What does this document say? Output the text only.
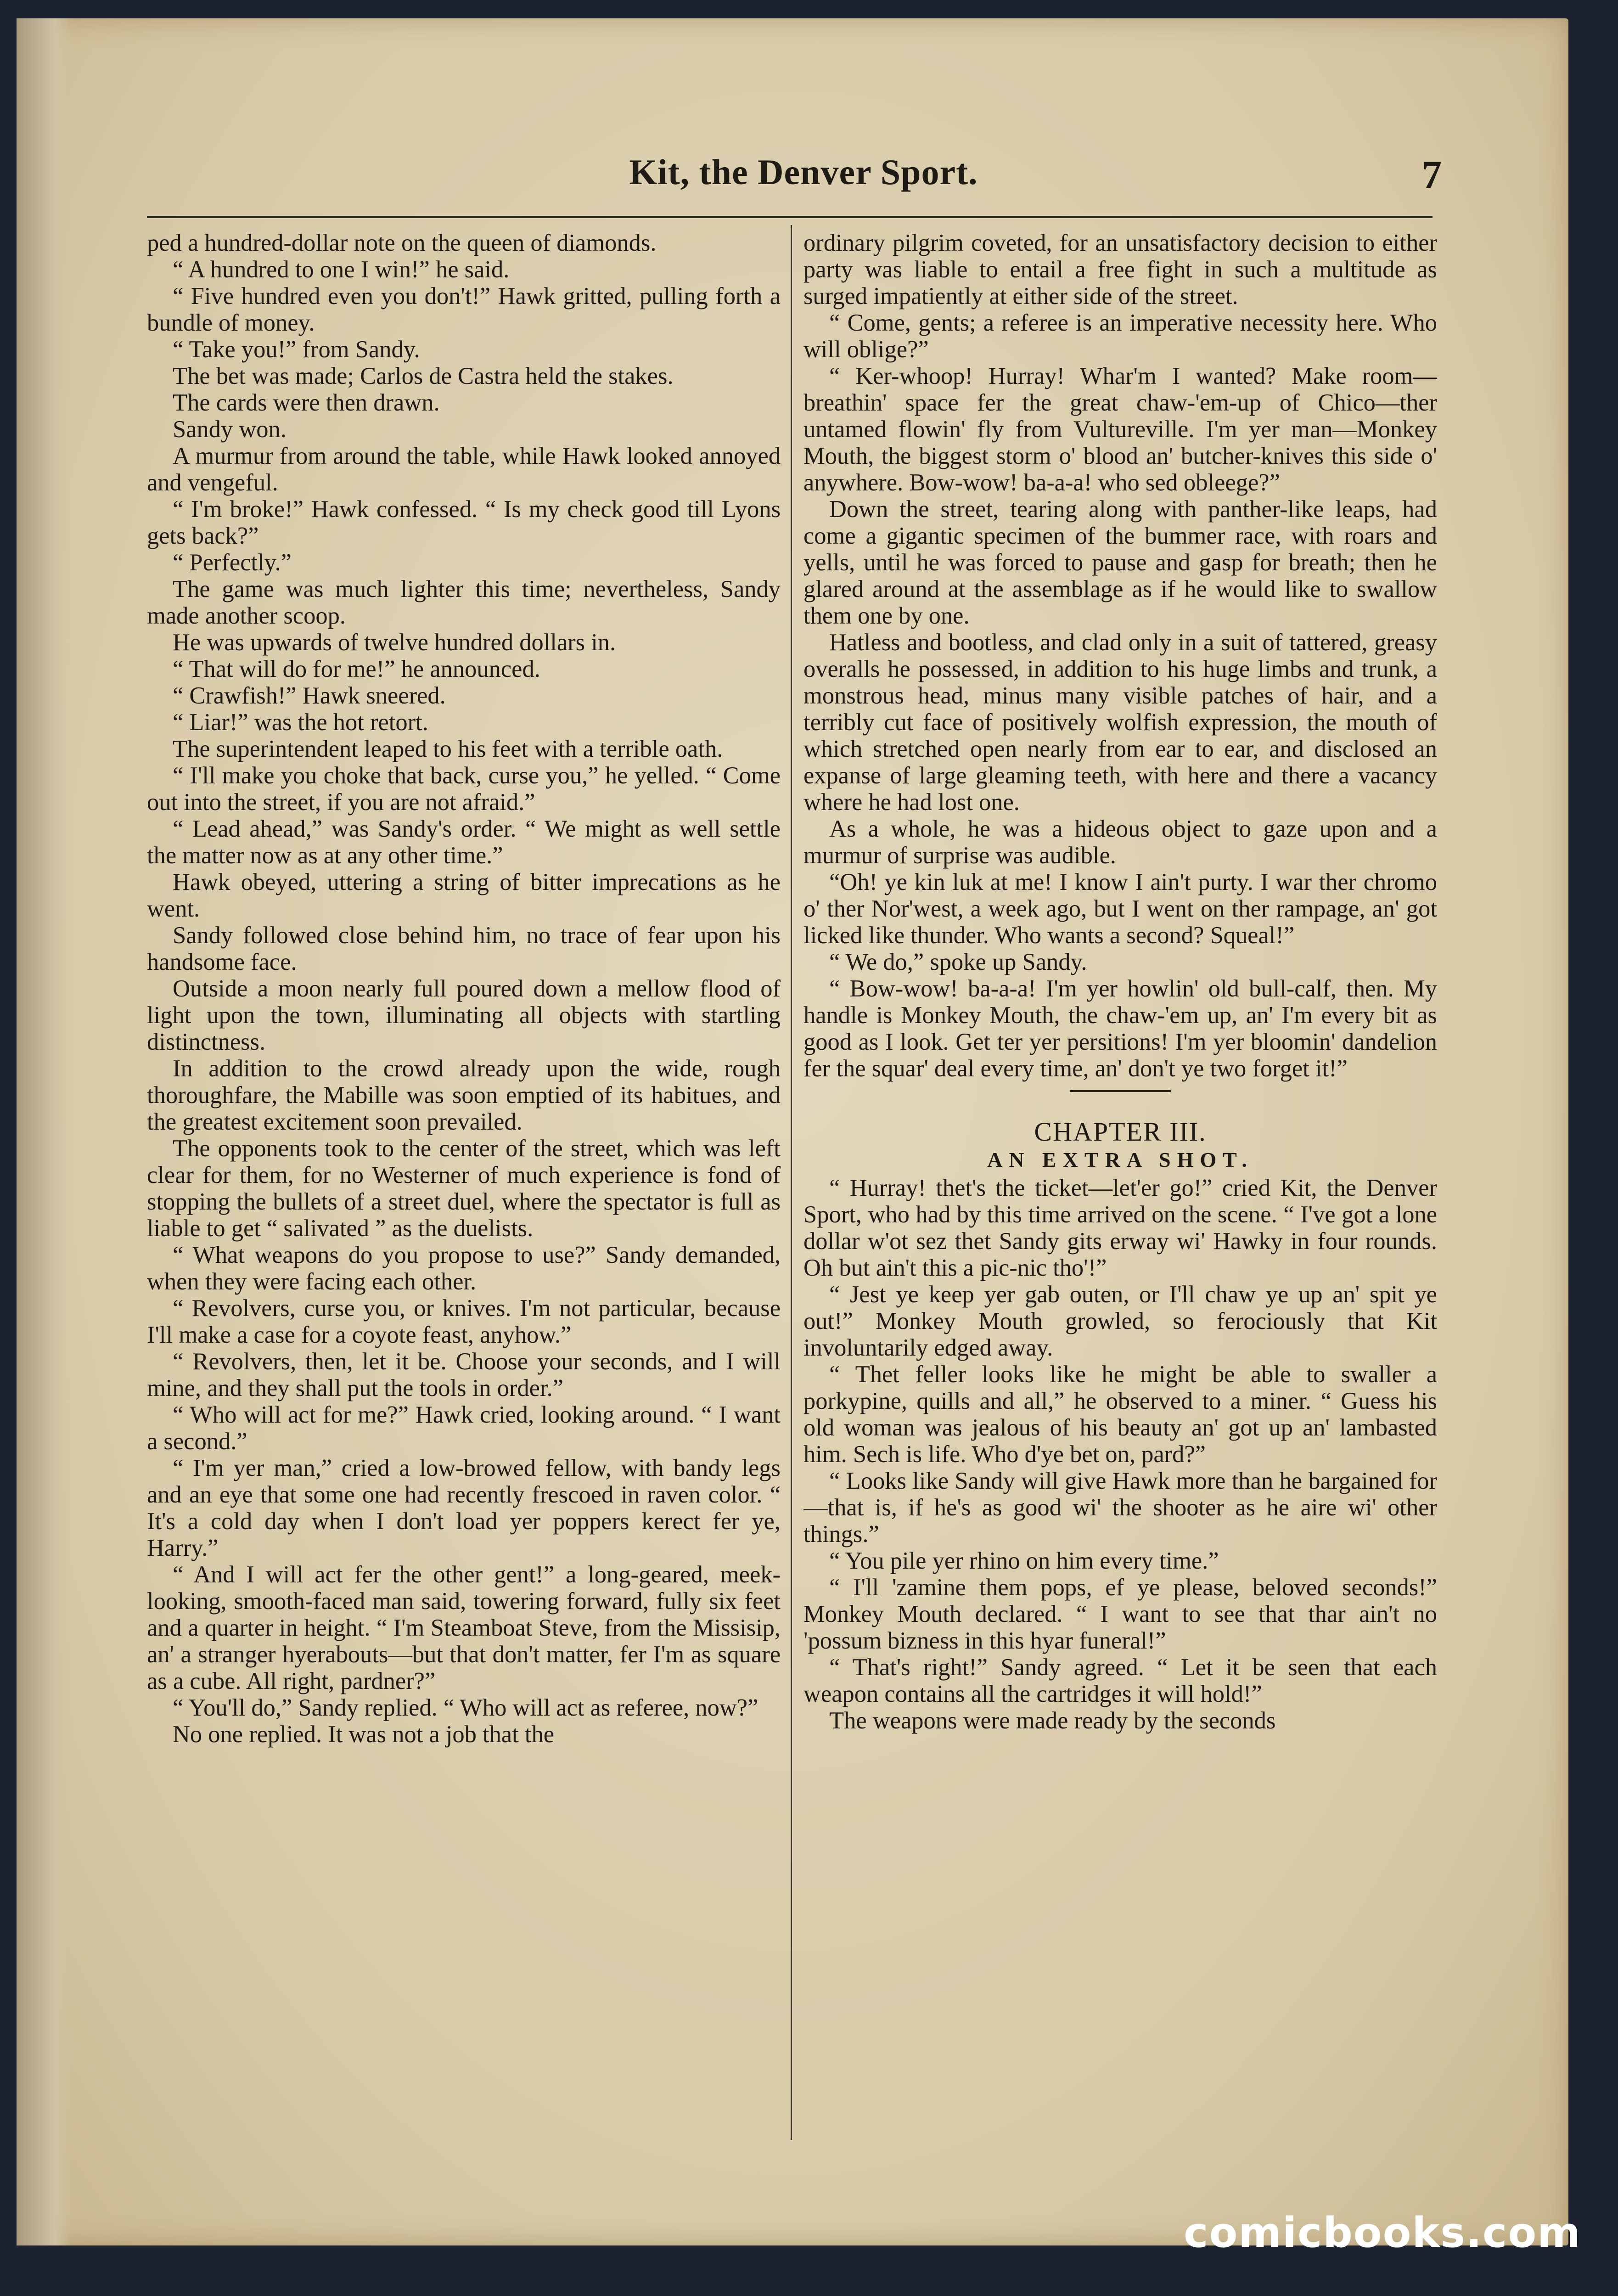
Kit, the Denver Sport.	7

ped a hundred-dollar note on the queen of diamonds.

“ A hundred to one I win!” he said.

“ Five hundred even you don't!” Hawk gritted, pulling forth a bundle of money.

“ Take you!” from Sandy.

The bet was made; Carlos de Castra held the stakes.

The cards were then drawn.

Sandy won.

A murmur from around the table, while Hawk looked annoyed and vengeful.

“ I'm broke!” Hawk confessed. “ Is my check good till Lyons gets back?”

“ Perfectly.”

The game was much lighter this time; nevertheless, Sandy made another scoop.

He was upwards of twelve hundred dollars in.

“ That will do for me!” he announced.

“ Crawfish!” Hawk sneered.

“ Liar!” was the hot retort.

The superintendent leaped to his feet with a terrible oath.

“ I'll make you choke that back, curse you,” he yelled. “ Come out into the street, if you are not afraid.”

“ Lead ahead,” was Sandy's order. “ We might as well settle the matter now as at any other time.”

Hawk obeyed, uttering a string of bitter imprecations as he went.

Sandy followed close behind him, no trace of fear upon his handsome face.

Outside a moon nearly full poured down a mellow flood of light upon the town, illuminating all objects with startling distinctness.

In addition to the crowd already upon the wide, rough thoroughfare, the Mabille was soon emptied of its habitues, and the greatest excitement soon prevailed.

The opponents took to the center of the street, which was left clear for them, for no Westerner of much experience is fond of stopping the bullets of a street duel, where the spectator is full as liable to get “ salivated ” as the duelists.

“ What weapons do you propose to use?” Sandy demanded, when they were facing each other.

“ Revolvers, curse you, or knives. I'm not particular, because I'll make a case for a coyote feast, anyhow.”

“ Revolvers, then, let it be. Choose your seconds, and I will mine, and they shall put the tools in order.”

“ Who will act for me?” Hawk cried, looking around. “ I want a second.”

“ I'm yer man,” cried a low-browed fellow, with bandy legs and an eye that some one had recently frescoed in raven color. “ It's a cold day when I don't load yer poppers kerect fer ye, Harry.”

“ And I will act fer the other gent!” a long-geared, meek-looking, smooth-faced man said, towering forward, fully six feet and a quarter in height. “ I'm Steamboat Steve, from the Missisip, an' a stranger hyerabouts—but that don't matter, fer I'm as square as a cube. All right, pardner?”

“ You'll do,” Sandy replied. “ Who will act as referee, now?”

No one replied. It was not a job that the

ordinary pilgrim coveted, for an unsatisfactory decision to either party was liable to entail a free fight in such a multitude as surged impatiently at either side of the street.

“ Come, gents; a referee is an imperative necessity here. Who will oblige?”

“ Ker-whoop! Hurray! Whar'm I wanted? Make room—breathin' space fer the great chaw-'em-up of Chico—ther untamed flowin' fly from Vultureville. I'm yer man—Monkey Mouth, the biggest storm o' blood an' butcher-knives this side o' anywhere. Bow-wow! ba-a-a! who sed obleege?”

Down the street, tearing along with panther-like leaps, had come a gigantic specimen of the bummer race, with roars and yells, until he was forced to pause and gasp for breath; then he glared around at the assemblage as if he would like to swallow them one by one.

Hatless and bootless, and clad only in a suit of tattered, greasy overalls he possessed, in addition to his huge limbs and trunk, a monstrous head, minus many visible patches of hair, and a terribly cut face of positively wolfish expression, the mouth of which stretched open nearly from ear to ear, and disclosed an expanse of large gleaming teeth, with here and there a vacancy where he had lost one.

As a whole, he was a hideous object to gaze upon and a murmur of surprise was audible.

“Oh! ye kin luk at me! I know I ain't purty. I war ther chromo o' ther Nor'west, a week ago, but I went on ther rampage, an' got licked like thunder. Who wants a second? Squeal!”

“ We do,” spoke up Sandy.

“ Bow-wow! ba-a-a! I'm yer howlin' old bull-calf, then. My handle is Monkey Mouth, the chaw-'em up, an' I'm every bit as good as I look. Get ter yer persitions! I'm yer bloomin' dandelion fer the squar' deal every time, an' don't ye two forget it!”

CHAPTER III.
AN EXTRA SHOT.

“ Hurray! thet's the ticket—let'er go!” cried Kit, the Denver Sport, who had by this time arrived on the scene. “ I've got a lone dollar w'ot sez thet Sandy gits erway wi' Hawky in four rounds. Oh but ain't this a pic-nic tho'!”

“ Jest ye keep yer gab outen, or I'll chaw ye up an' spit ye out!” Monkey Mouth growled, so ferociously that Kit involuntarily edged away.

“ Thet feller looks like he might be able to swaller a porkypine, quills and all,” he observed to a miner. “ Guess his old woman was jealous of his beauty an' got up an' lambasted him. Sech is life. Who d'ye bet on, pard?”

“ Looks like Sandy will give Hawk more than he bargained for—that is, if he's as good wi' the shooter as he aire wi' other things.”

“ You pile yer rhino on him every time.”

“ I'll 'zamine them pops, ef ye please, beloved seconds!” Monkey Mouth declared. “ I want to see that thar ain't no 'possum bizness in this hyar funeral!”

“ That's right!” Sandy agreed. “ Let it be seen that each weapon contains all the cartridges it will hold!”

The weapons were made ready by the seconds

comicbooks.com
